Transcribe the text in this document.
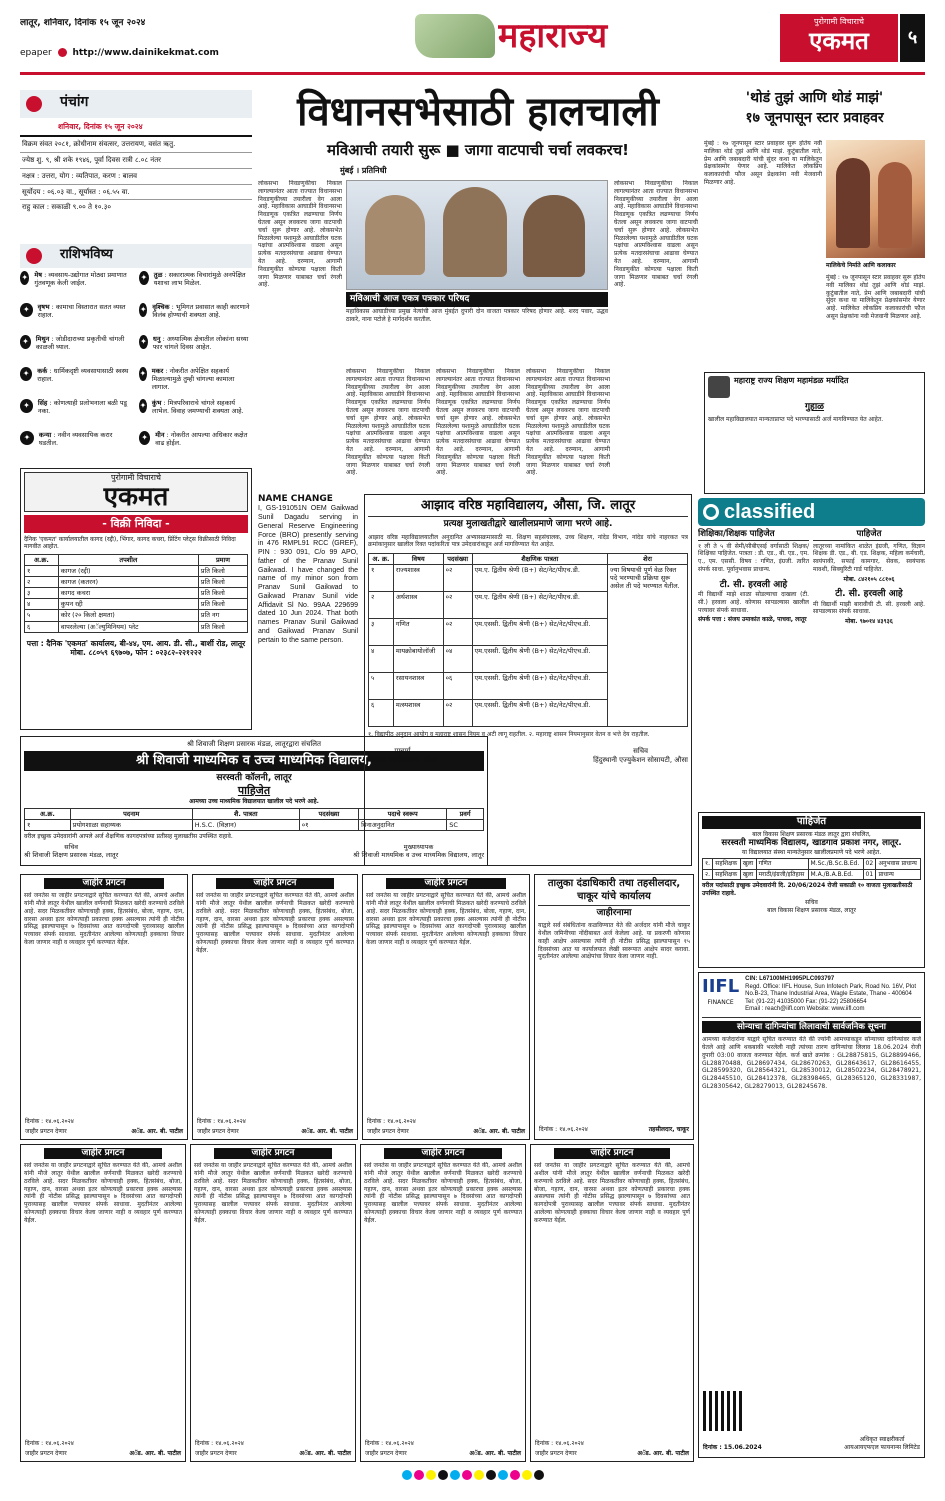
लातूर, शनिवार, दिनांक १५ जून २०२४
epaper http://www.dainikekmat.com	महाराज्य	पुरोगामी विचाराचे
एकमत	५
पंचांग
शनिवार, दिनांक १५ जून २०२४
विक्रम संवत २०८१, क्रोधीनाम संवत्सर, उत्तरायण, वसंत ऋतु.
ज्येष्ठ शु. ९, श्री शके १९४६, पूर्वा दिवस रात्री ८.०८ नंतर
नक्षत्र : उत्तरा, योग : व्यतिपात, करण : बालव
सूर्योदय : ०६.०३ वा., सूर्यास्त : ०६.५५ वा.
राहु काल : सकाळी ९.०० ते १०.३०
राशिभविष्य
✦ मेष : व्यवसाय-उद्योगात मोठ्या प्रमाणात गुंतवणूक केली जाईल.
✦ तुळ : सकारात्मक विचारांमुळे अनपेक्षित यशाचा लाभ मिळेल.
✦	वृषभ : कामाचा विस्तारात सतत व्यस्त राहाल.
✦ वृश्चिक : भूमिगत प्रवासात काही कारणाने विलंब होण्याची शक्यता आहे.
✦	मिथुन : जोडीदाराच्या प्रकृतीची चांगली काळजी घ्याल.
✦ धनु : अध्यात्मिक क्षेत्रातील लोकांना सध्या फार चांगले दिवस आहेत.
✦	कर्क : धार्मिकदृष्टी व्यवसायासाठी स्वस्थ राहाल.
✦ मकर : नोकरीत अपेक्षित सहकार्य मिळाल्यामुळे तुम्ही चांगल्या कामाला लागाल.
✦	सिंह : कोणत्याही प्रलोभनाला बळी पडू नका.
✦ कुंभ : मित्रपरिवाराचे चांगले सहकार्य लाभेल. विवाह जमण्याची शक्यता आहे.
✦	कन्या : नवीन व्यवसायिक करार घडतील.
✦	मीन : नोकरीत आपल्या अधिकार कक्षेत वाढ होईल.
पुरोगामी विचाराचे
एकमत
- विक्री निविदा -
दैनिक 'एकमत' कार्यालयातील कागद (रद्दी), भिंगार, कागद कचरा, प्रिंटिंग प्लेट्स विक्रीसाठी निविदा मागवीत आहोत.
अ.क्र.	तपशील	प्रमाण
१	कागज (रद्दी)	प्रति किलो
२	कागज (कतरन)	प्रति किलो
३	कागद कचरा	प्रति किलो
४	कुपन रद्दी	प्रति किलो
५	कोर (२० किलो क्षमता)	प्रति नग
६	वापरलेल्या (अॅल्युमिनियम) प्लेट	प्रति किलो
पत्ता : दैनिक 'एकमत' कार्यालय, बी-४४, एम. आय. डी. सी., बार्शी रोड, लातूर
मोबा. ८८०५९ ६९७०७, फोन : ०२३८२-२२१२२२
श्री शिवाजी शिक्षण प्रसारक मंडळ, लातूरद्वारा संचलित
श्री शिवाजी माध्यमिक व उच्च माध्यमिक विद्यालय,
सरस्वती कॉलनी, लातूर
पाहिजेत
आमच्या उच्च माध्यमिक विद्यालयात खालील पदे भरणे आहे.
अ.क्र.	पदनाम	शै. पात्रता	पदसंख्या	पदाचे स्वरूप	प्रवर्ग
१	प्रयोगशाळा सहाय्यक	H.S.C. (विज्ञान)	०१	विनाअनुदानित	SC
वरील इच्छुक उमेदवारांनी आपले अर्ज शैक्षणिक कागदपत्रांच्या प्रतीसह मुलाखतीस उपस्थित राहावे.
सचिव
श्री शिवाजी शिक्षण प्रसारक मंडळ, लातूर
मुख्याध्यापक
श्री शिवाजी माध्यमिक व उच्च माध्यमिक विद्यालय, लातूर
विधानसभेसाठी हालचाली
मविआची तयारी सुरू ■ जागा वाटपाची चर्चा लवकरच!
मुंबई । प्रतिनिधी
लोकसभा निवडणुकीचा निकाल लागल्यानंतर आता राज्यात विधानसभा निवडणुकीच्या तयारीला वेग आला आहे. महाविकास आघाडीने विधानसभा निवडणूक एकत्रित लढण्याचा निर्णय घेतला असून लवकरच जागा वाटपाची चर्चा सुरू होणार आहे. लोकसभेत मिळालेल्या यशामुळे आघाडीतील घटक पक्षांचा आत्मविश्वास वाढला असून प्रत्येक मतदारसंघाचा आढावा घेण्यात येत आहे. दरम्यान, आगामी निवडणुकीत कोणत्या पक्षाला किती जागा मिळणार याबाबत चर्चा रंगली आहे.
मविआची आज एकत्र पत्रकार परिषद
महाविकास आघाडीच्या प्रमुख नेत्यांची आज मुंबईत दुपारी दोन वाजता पत्रकार परिषद होणार आहे. शरद पवार, उद्धव ठाकरे, नाना पटोले हे मार्गदर्शन करतील.
लोकसभा निवडणुकीचा निकाल लागल्यानंतर आता राज्यात विधानसभा निवडणुकीच्या तयारीला वेग आला आहे. महाविकास आघाडीने विधानसभा निवडणूक एकत्रित लढण्याचा निर्णय घेतला असून लवकरच जागा वाटपाची चर्चा सुरू होणार आहे. लोकसभेत मिळालेल्या यशामुळे आघाडीतील घटक पक्षांचा आत्मविश्वास वाढला असून प्रत्येक मतदारसंघाचा आढावा घेण्यात येत आहे. दरम्यान, आगामी निवडणुकीत कोणत्या पक्षाला किती जागा मिळणार याबाबत चर्चा रंगली आहे.
लोकसभा निवडणुकीचा निकाल लागल्यानंतर आता राज्यात विधानसभा निवडणुकीच्या तयारीला वेग आला आहे. महाविकास आघाडीने विधानसभा निवडणूक एकत्रित लढण्याचा निर्णय घेतला असून लवकरच जागा वाटपाची चर्चा सुरू होणार आहे. लोकसभेत मिळालेल्या यशामुळे आघाडीतील घटक पक्षांचा आत्मविश्वास वाढला असून प्रत्येक मतदारसंघाचा आढावा घेण्यात येत आहे. दरम्यान, आगामी निवडणुकीत कोणत्या पक्षाला किती जागा मिळणार याबाबत चर्चा रंगली आहे.
लोकसभा निवडणुकीचा निकाल लागल्यानंतर आता राज्यात विधानसभा निवडणुकीच्या तयारीला वेग आला आहे. महाविकास आघाडीने विधानसभा निवडणूक एकत्रित लढण्याचा निर्णय घेतला असून लवकरच जागा वाटपाची चर्चा सुरू होणार आहे. लोकसभेत मिळालेल्या यशामुळे आघाडीतील घटक पक्षांचा आत्मविश्वास वाढला असून प्रत्येक मतदारसंघाचा आढावा घेण्यात येत आहे. दरम्यान, आगामी निवडणुकीत कोणत्या पक्षाला किती जागा मिळणार याबाबत चर्चा रंगली आहे.
लोकसभा निवडणुकीचा निकाल लागल्यानंतर आता राज्यात विधानसभा निवडणुकीच्या तयारीला वेग आला आहे. महाविकास आघाडीने विधानसभा निवडणूक एकत्रित लढण्याचा निर्णय घेतला असून लवकरच जागा वाटपाची चर्चा सुरू होणार आहे. लोकसभेत मिळालेल्या यशामुळे आघाडीतील घटक पक्षांचा आत्मविश्वास वाढला असून प्रत्येक मतदारसंघाचा आढावा घेण्यात येत आहे. दरम्यान, आगामी निवडणुकीत कोणत्या पक्षाला किती जागा मिळणार याबाबत चर्चा रंगली आहे.
'थोडं तुझं आणि थोडं माझं'
१७ जूनपासून स्टार प्रवाहवर
मुंबई : १७ जूनपासून स्टार प्रवाहवर सुरू होतेय नवी मालिका थोडं तुझं आणि थोडं माझं. कुटुंबातील नाते, प्रेम आणि जबाबदारी यांची सुंदर कथा या मालिकेतून प्रेक्षकांसमोर येणार आहे. मालिकेत लोकप्रिय कलाकारांची फौज असून प्रेक्षकांना नवी मेजवानी मिळणार आहे.
मालिकेचे निर्माते आणि कलाकार
मुंबई : १७ जूनपासून स्टार प्रवाहवर सुरू होतेय नवी मालिका थोडं तुझं आणि थोडं माझं. कुटुंबातील नाते, प्रेम आणि जबाबदारी यांची सुंदर कथा या मालिकेतून प्रेक्षकांसमोर येणार आहे. मालिकेत लोकप्रिय कलाकारांची फौज असून प्रेक्षकांना नवी मेजवानी मिळणार आहे.
महाराष्ट्र राज्य शिक्षण महामंडळ मर्यादित
गुहाळ
खालील महाविद्यालयात मान्यताप्राप्त पदे भरण्यासाठी अर्ज मागविण्यात येत आहेत.
NAME CHANGE
I, GS-191051N OEM Gaikwad Sunil Dagadu serving in General Reserve Engineering Force (BRO) presently serving in 476 RMPL91 RCC (GREF), PIN : 930 091, C/o 99 APO, father of the Pranav Sunil Gaikwad. I have changed the name of my minor son from Pranav Sunil Gaikwad to Gaikwad Pranav Sunil vide Affidavit Sl No. 99AA 229699 dated 10 Jun 2024. That both names Pranav Sunil Gaikwad and Gaikwad Pranav Sunil pertain to the same person.
आझाद वरिष्ठ महाविद्यालय, औसा, जि. लातूर
प्रत्यक्ष मुलाखतीद्वारे खालीलप्रमाणे जागा भरणे आहे.
आझाद वरिष्ठ महाविद्यालयातील अनुदानित अभ्यासक्रमासाठी मा. शिक्षण सहसंचालक, उच्च शिक्षण, नांदेड विभाग, नांदेड यांचे नाहरकत पत्र क्रमांकानुसार खालील रिक्त पदांकरिता पात्र उमेदवारांकडून अर्ज मागविण्यात येत आहेत.
अ. क्र.	विषय	पदसंख्या	शैक्षणिक पात्रता	शेरा
१	राज्यशास्त्र	०२	एम.ए. द्वितीय श्रेणी (B+) सेट/नेट/पीएच.डी.	ज्या विषयाची पूर्ण वेळ रिक्त पदे भरण्याची प्रक्रिया सुरू असेल ती पदे भरण्यात येतील.
२	अर्थशास्त्र	०२	एम.ए. द्वितीय श्रेणी (B+) सेट/नेट/पीएच.डी.	
३	गणित	०२	एम.एससी. द्वितीय श्रेणी (B+) सेट/नेट/पीएच.डी.	
४	मायक्रोबायोलॉजी	०४	एम.एससी. द्वितीय श्रेणी (B+) सेट/नेट/पीएच.डी.	
५	रसायनशास्त्र	०६	एम.एससी. द्वितीय श्रेणी (B+) सेट/नेट/पीएच.डी.	
६	मत्स्यशास्त्र	०२	एम.एससी. द्वितीय श्रेणी (B+) सेट/नेट/पीएच.डी.	
१. विद्यापीठ अनुदान आयोग व महाराष्ट्र शासन नियम व अटी लागू राहतील. २. महाराष्ट्र शासन नियमानुसार वेतन व भत्ते देय राहतील.
प्राचार्य
आझाद महाविद्यालय, औसा
सचिव
हिंदुस्थानी एज्युकेशन सोसायटी, औसा
classified
शिक्षिका/शिक्षक पाहिजेत
१ ली ते ५ वी सेमी/सीबीएसई वर्गासाठी शिक्षक/शिक्षिका पाहिजेत. पात्रता : डी. एड., बी. एड., एम. ए., एम. एससी. विषय : गणित, इंग्रजी. त्वरित संपर्क साधा. पूर्वानुभवास प्राधान्य.
टी. सी. हरवली आहे
मी विद्यार्थी माझे शाळा सोडल्याचा दाखला (टी. सी.) हरवला आहे. कोणास सापडल्यास खालील पत्त्यावर संपर्क साधावा.
संपर्क पत्ता : संजय उमाकांत काळे, पाचवा, लातूर
पाहिजेत
लातूरच्या नामांकित शाळेत इंग्रजी, गणित, विज्ञान शिक्षक डी. एड., बी. एड. शिक्षक, महिला कर्मचारी, स्वयंपाकी, सफाई कामगार, सेवक, स्वयंपाक मावशी, सिक्युरिटी गार्ड पाहिजेत.
मोबा. ८४२१०५ ८८१०६
टी. सी. हरवली आहे
मी विद्यार्थी माझी बारावीची टी. सी. हरवली आहे. सापडल्यास संपर्क साधावा.
मोबा. ९७०१४ ४३९३६
पाहिजेत
बाल विकास शिक्षण प्रसारक मंडळ लातूर द्वारा संचलित,
सरस्वती माध्यमिक विद्यालय, खाडगाव प्रकाश नगर, लातूर.
या विद्यालयात संस्था मान्यतेनुसार खालीलप्रमाणे पदे भरणे आहेत.
१.	सहशिक्षक	खुला	गणित	M.Sc./B.Sc.B.Ed.	02	अनुभवास प्राधान्य
२.	सहशिक्षक	खुला	मराठी/इंग्रजी/इतिहास	M.A./B.A.B.Ed.	01	प्राधान्य
वरील पदांसाठी इच्छुक उमेदवारांनी दि. 20/06/2024 रोजी सकाळी १० वाजता मुलाखतीसाठी उपस्थित राहावे.
सचिव
बाल विकास शिक्षण प्रसारक मंडळ, लातूर
IIFL
FINANCE
CIN: L67100MH1995PLC093797
Regd. Office: IIFL House, Sun Infotech Park, Road No. 16V, Plot No.B-23, Thane Industrial Area, Wagle Estate, Thane - 400604
Tel: (91-22) 41035000 Fax: (91-22) 25806654
Email : reach@iifl.com Website: www.iifl.com
सोन्याचा दागिन्यांचा लिलावाची सार्वजनिक सूचना
आमच्या कर्जदारांना याद्वारे सूचित करण्यात येते की ज्यांनी आमच्याकडून सोन्याच्या दागिन्यांवर कर्ज घेतले आहे आणि थकबाकी भरलेली नाही त्यांच्या तारण दागिन्यांचा लिलाव 18.06.2024 रोजी दुपारी 03:00 वाजता करण्यात येईल. कर्ज खाते क्रमांक : GL28875815, GL28899466, GL28870488, GL28697434, GL28670263, GL28643617, GL28616455, GL28599320, GL28564321, GL28530012, GL28502234, GL28478921, GL28445510, GL28412378, GL28398465, GL28365120, GL28331987, GL28305642, GL28279013, GL28245678.
दिनांक : 15.06.2024
अधिकृत स्वाक्षरीकर्ता
आयआयएफएल फायनान्स लिमिटेड
जाहीर प्रगटन
सर्व जनतेस या जाहीर प्रगटनाद्वारे सूचित करण्यात येते की, आमचे अशील यांनी मौजे लातूर येथील खालील वर्णनाची मिळकत खरेदी करण्याचे ठरविले आहे. सदर मिळकतीवर कोणाचाही हक्क, हितसंबंध, बोजा, गहाण, दान, वारसा अथवा इतर कोणत्याही प्रकारचा हक्क असल्यास त्यांनी ही नोटीस प्रसिद्ध झाल्यापासून ७ दिवसांच्या आत कागदोपत्री पुराव्यासह खालील पत्त्यावर संपर्क साधावा. मुदतीनंतर आलेल्या कोणत्याही हक्काचा विचार केला जाणार नाही व व्यवहार पूर्ण करण्यात येईल.
दिनांक : १४.०६.२०२४
जाहीर प्रगटन देणार	अॅड. आर. बी. पाटील
जाहीर प्रगटन
सर्व जनतेस या जाहीर प्रगटनाद्वारे सूचित करण्यात येते की, आमचे अशील यांनी मौजे लातूर येथील खालील वर्णनाची मिळकत खरेदी करण्याचे ठरविले आहे. सदर मिळकतीवर कोणाचाही हक्क, हितसंबंध, बोजा, गहाण, दान, वारसा अथवा इतर कोणत्याही प्रकारचा हक्क असल्यास त्यांनी ही नोटीस प्रसिद्ध झाल्यापासून ७ दिवसांच्या आत कागदोपत्री पुराव्यासह खालील पत्त्यावर संपर्क साधावा. मुदतीनंतर आलेल्या कोणत्याही हक्काचा विचार केला जाणार नाही व व्यवहार पूर्ण करण्यात येईल.
दिनांक : १४.०६.२०२४
जाहीर प्रगटन देणार	अॅड. आर. बी. पाटील
जाहीर प्रगटन
सर्व जनतेस या जाहीर प्रगटनाद्वारे सूचित करण्यात येते की, आमचे अशील यांनी मौजे लातूर येथील खालील वर्णनाची मिळकत खरेदी करण्याचे ठरविले आहे. सदर मिळकतीवर कोणाचाही हक्क, हितसंबंध, बोजा, गहाण, दान, वारसा अथवा इतर कोणत्याही प्रकारचा हक्क असल्यास त्यांनी ही नोटीस प्रसिद्ध झाल्यापासून ७ दिवसांच्या आत कागदोपत्री पुराव्यासह खालील पत्त्यावर संपर्क साधावा. मुदतीनंतर आलेल्या कोणत्याही हक्काचा विचार केला जाणार नाही व व्यवहार पूर्ण करण्यात येईल.
दिनांक : १४.०६.२०२४
जाहीर प्रगटन देणार	अॅड. आर. बी. पाटील
तालुका दंडाधिकारी तथा तहसीलदार, चाकूर यांचे कार्यालय
जाहीरनामा
याद्वारे सर्व संबंधितांना कळविण्यात येते की अर्जदार यांनी मौजे चाकूर येथील जमिनीच्या नोंदीबाबत अर्ज केलेला आहे. या प्रकरणी कोणास काही आक्षेप असल्यास त्यांनी ही नोटीस प्रसिद्ध झाल्यापासून १५ दिवसांच्या आत या कार्यालयात लेखी स्वरूपात आक्षेप सादर करावा. मुदतीनंतर आलेल्या आक्षेपांचा विचार केला जाणार नाही.
दिनांक : १४.०६.२०२४	तहसीलदार, चाकूर
जाहीर प्रगटन
सर्व जनतेस या जाहीर प्रगटनाद्वारे सूचित करण्यात येते की, आमचे अशील यांनी मौजे लातूर येथील खालील वर्णनाची मिळकत खरेदी करण्याचे ठरविले आहे. सदर मिळकतीवर कोणाचाही हक्क, हितसंबंध, बोजा, गहाण, दान, वारसा अथवा इतर कोणत्याही प्रकारचा हक्क असल्यास त्यांनी ही नोटीस प्रसिद्ध झाल्यापासून ७ दिवसांच्या आत कागदोपत्री पुराव्यासह खालील पत्त्यावर संपर्क साधावा. मुदतीनंतर आलेल्या कोणत्याही हक्काचा विचार केला जाणार नाही व व्यवहार पूर्ण करण्यात येईल.
दिनांक : १४.०६.२०२४
जाहीर प्रगटन देणार	अॅड. आर. बी. पाटील
जाहीर प्रगटन
सर्व जनतेस या जाहीर प्रगटनाद्वारे सूचित करण्यात येते की, आमचे अशील यांनी मौजे लातूर येथील खालील वर्णनाची मिळकत खरेदी करण्याचे ठरविले आहे. सदर मिळकतीवर कोणाचाही हक्क, हितसंबंध, बोजा, गहाण, दान, वारसा अथवा इतर कोणत्याही प्रकारचा हक्क असल्यास त्यांनी ही नोटीस प्रसिद्ध झाल्यापासून ७ दिवसांच्या आत कागदोपत्री पुराव्यासह खालील पत्त्यावर संपर्क साधावा. मुदतीनंतर आलेल्या कोणत्याही हक्काचा विचार केला जाणार नाही व व्यवहार पूर्ण करण्यात येईल.
दिनांक : १४.०६.२०२४
जाहीर प्रगटन देणार	अॅड. आर. बी. पाटील
जाहीर प्रगटन
सर्व जनतेस या जाहीर प्रगटनाद्वारे सूचित करण्यात येते की, आमचे अशील यांनी मौजे लातूर येथील खालील वर्णनाची मिळकत खरेदी करण्याचे ठरविले आहे. सदर मिळकतीवर कोणाचाही हक्क, हितसंबंध, बोजा, गहाण, दान, वारसा अथवा इतर कोणत्याही प्रकारचा हक्क असल्यास त्यांनी ही नोटीस प्रसिद्ध झाल्यापासून ७ दिवसांच्या आत कागदोपत्री पुराव्यासह खालील पत्त्यावर संपर्क साधावा. मुदतीनंतर आलेल्या कोणत्याही हक्काचा विचार केला जाणार नाही व व्यवहार पूर्ण करण्यात येईल.
दिनांक : १४.०६.२०२४
जाहीर प्रगटन देणार	अॅड. आर. बी. पाटील
जाहीर प्रगटन
सर्व जनतेस या जाहीर प्रगटनाद्वारे सूचित करण्यात येते की, आमचे अशील यांनी मौजे लातूर येथील खालील वर्णनाची मिळकत खरेदी करण्याचे ठरविले आहे. सदर मिळकतीवर कोणाचाही हक्क, हितसंबंध, बोजा, गहाण, दान, वारसा अथवा इतर कोणत्याही प्रकारचा हक्क असल्यास त्यांनी ही नोटीस प्रसिद्ध झाल्यापासून ७ दिवसांच्या आत कागदोपत्री पुराव्यासह खालील पत्त्यावर संपर्क साधावा. मुदतीनंतर आलेल्या कोणत्याही हक्काचा विचार केला जाणार नाही व व्यवहार पूर्ण करण्यात येईल.
दिनांक : १४.०६.२०२४
जाहीर प्रगटन देणार	अॅड. आर. बी. पाटील
